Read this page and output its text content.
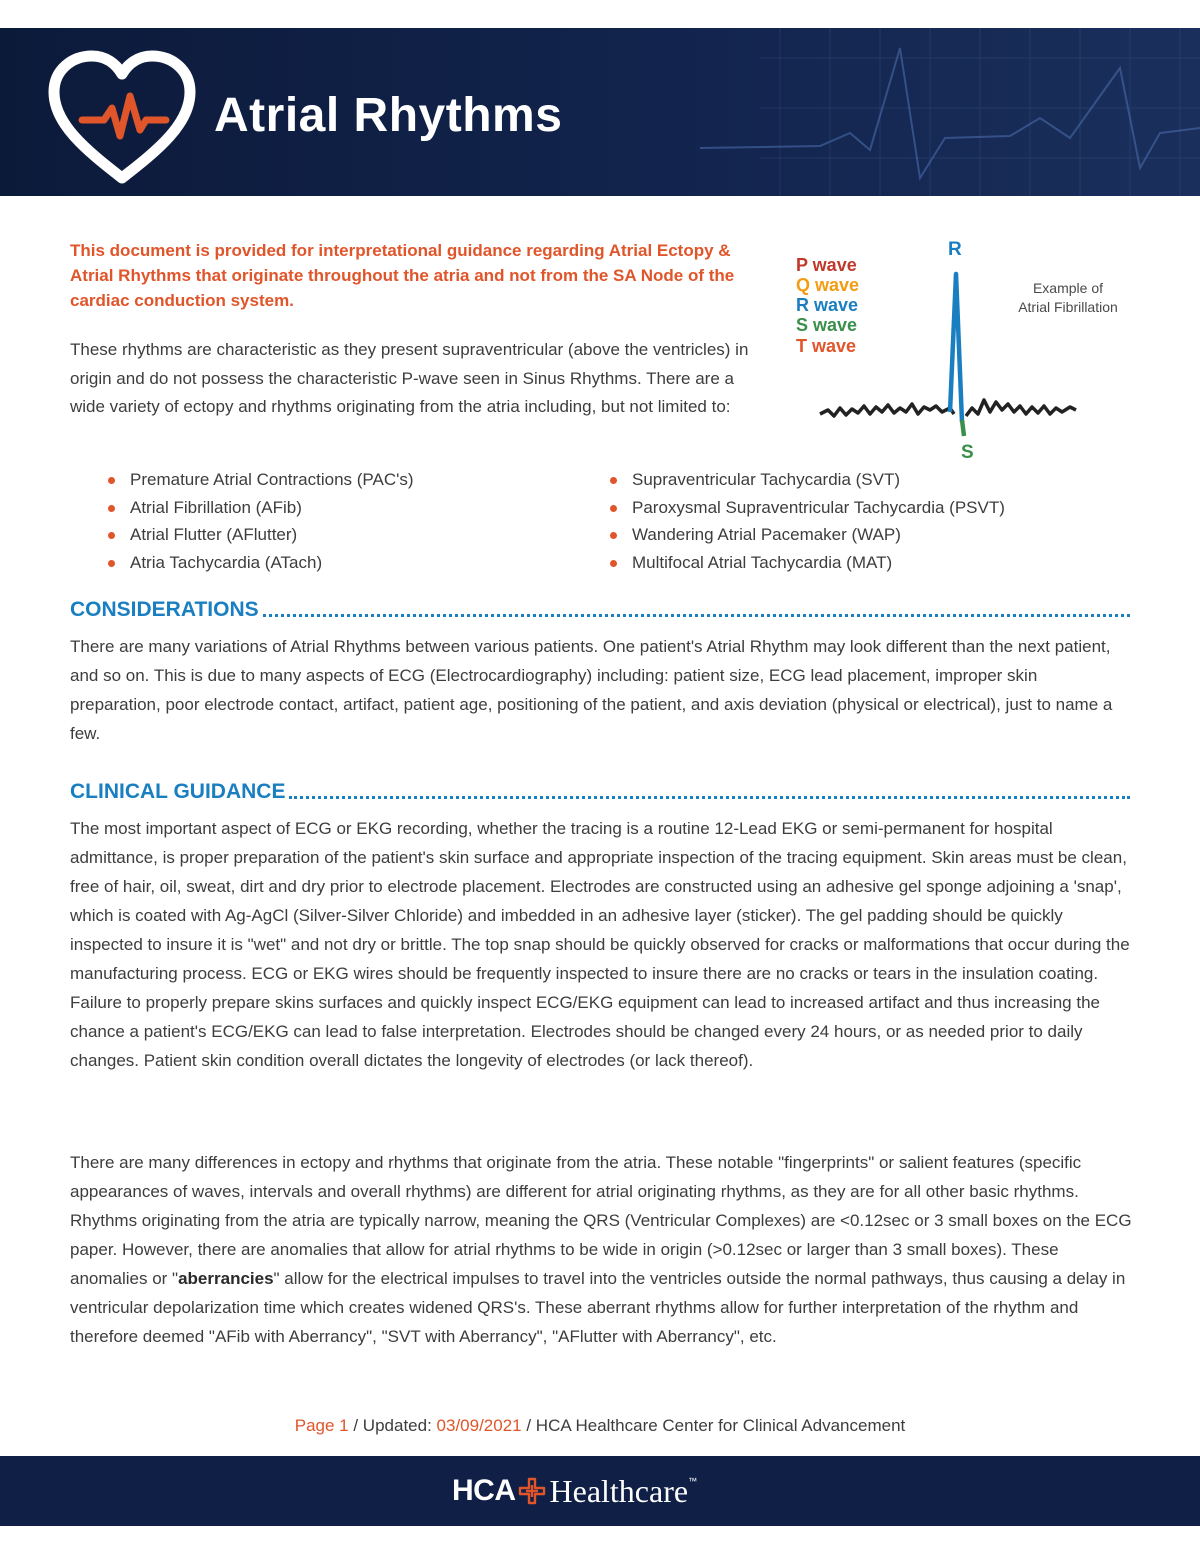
Atrial Rhythms

This document is provided for interpretational guidance regarding Atrial Ectopy & Atrial Rhythms that originate throughout the atria and not from the SA Node of the cardiac conduction system.

These rhythms are characteristic as they present supraventricular (above the ventricles) in origin and do not possess the characteristic P-wave seen in Sinus Rhythms. There are a wide variety of ectopy and rhythms originating from the atria including, but not limited to:

P wave
Q wave
R wave
S wave
T wave
R
S
Example of
Atrial Fibrillation
Premature Atrial Contractions (PAC's)
Atrial Fibrillation (AFib)
Atrial Flutter (AFlutter)
Atria Tachycardia (ATach)
Supraventricular Tachycardia (SVT)
Paroxysmal Supraventricular Tachycardia (PSVT)
Wandering Atrial Pacemaker (WAP)
Multifocal Atrial Tachycardia (MAT)
CONSIDERATIONS

There are many variations of Atrial Rhythms between various patients. One patient's Atrial Rhythm may look different than the next patient, and so on. This is due to many aspects of ECG (Electrocardiography) including: patient size, ECG lead placement, improper skin preparation, poor electrode contact, artifact, patient age, positioning of the patient, and axis deviation (physical or electrical), just to name a few.

CLINICAL GUIDANCE

The most important aspect of ECG or EKG recording, whether the tracing is a routine 12-Lead EKG or semi-permanent for hospital admittance, is proper preparation of the patient's skin surface and appropriate inspection of the tracing equipment. Skin areas must be clean, free of hair, oil, sweat, dirt and dry prior to electrode placement. Electrodes are constructed using an adhesive gel sponge adjoining a 'snap', which is coated with Ag-AgCl (Silver-Silver Chloride) and imbedded in an adhesive layer (sticker). The gel padding should be quickly inspected to insure it is "wet" and not dry or brittle. The top snap should be quickly observed for cracks or malformations that occur during the manufacturing process. ECG or EKG wires should be frequently inspected to insure there are no cracks or tears in the insulation coating. Failure to properly prepare skins surfaces and quickly inspect ECG/EKG equipment can lead to increased artifact and thus increasing the chance a patient's ECG/EKG can lead to false interpretation. Electrodes should be changed every 24 hours, or as needed prior to daily changes. Patient skin condition overall dictates the longevity of electrodes (or lack thereof).

There are many differences in ectopy and rhythms that originate from the atria. These notable "fingerprints" or salient features (specific appearances of waves, intervals and overall rhythms) are different for atrial originating rhythms, as they are for all other basic rhythms. Rhythms originating from the atria are typically narrow, meaning the QRS (Ventricular Complexes) are <0.12sec or 3 small boxes on the ECG paper. However, there are anomalies that allow for atrial rhythms to be wide in origin (>0.12sec or larger than 3 small boxes). These anomalies or "aberrancies" allow for the electrical impulses to travel into the ventricles outside the normal pathways, thus causing a delay in ventricular depolarization time which creates widened QRS's. These aberrant rhythms allow for further interpretation of the rhythm and therefore deemed "AFib with Aberrancy", "SVT with Aberrancy", "AFlutter with Aberrancy", etc.

Page 1 / Updated: 03/09/2021 / HCA Healthcare Center for Clinical Advancement
HCA Healthcare ™
